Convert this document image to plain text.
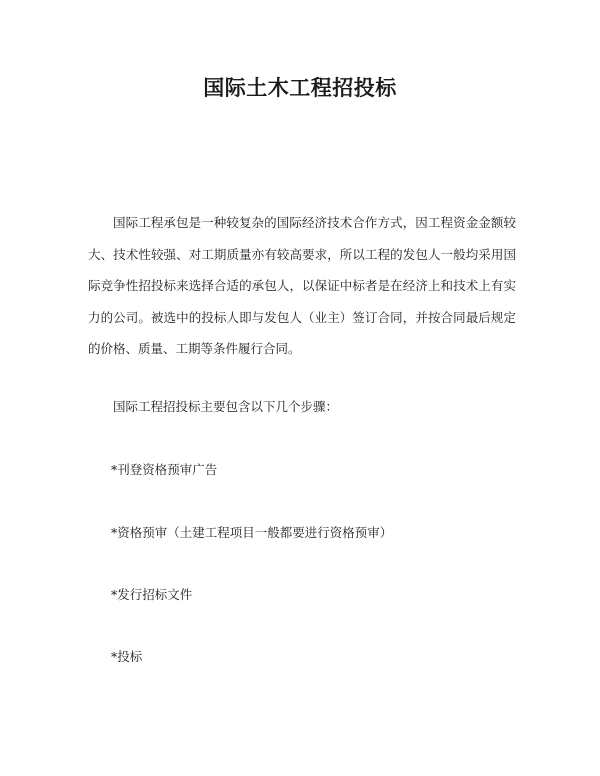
国际土木工程招投标

国际工程承包是一种较复杂的国际经济技术合作方式，因工程资金金额较大、技术性较强、对工期质量亦有较高要求，所以工程的发包人一般均采用国际竞争性招投标来选择合适的承包人，以保证中标者是在经济上和技术上有实力的公司。被选中的投标人即与发包人（业主）签订合同，并按合同最后规定的价格、质量、工期等条件履行合同。

国际工程招投标主要包含以下几个步骤：

*刊登资格预审广告

*资格预审（土建工程项目一般都要进行资格预审）

*发行招标文件

*投标
